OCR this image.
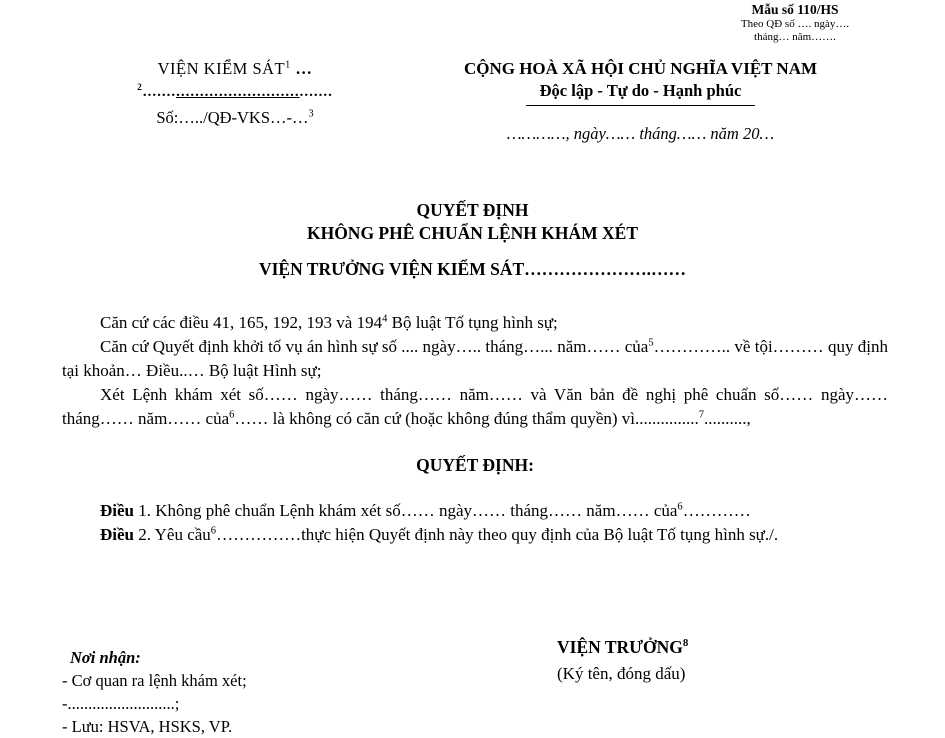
Mẫu số 110/HS
Theo QĐ số …. ngày….
tháng… năm…….
VIỆN KIỂM SÁT$^1$ …
$^2$........................................
Số:…../QĐ-VKS…-…$^3$
CỘNG HOÀ XÃ HỘI CHỦ NGHĨA VIỆT NAM
Độc lập - Tự do - Hạnh phúc
…………, ngày…… tháng…… năm 20…
QUYẾT ĐỊNH
KHÔNG PHÊ CHUẨN LỆNH KHÁM XÉT
VIỆN TRƯỞNG VIỆN KIỂM SÁT………………….……

Căn cứ các điều 41, 165, 192, 193 và $194^4$ Bộ luật Tố tụng hình sự;

Căn cứ Quyết định khởi tố vụ án hình sự số .... ngày….. tháng…... năm…… của$^5$………….. về tội……… quy định tại khoản… Điều..… Bộ luật Hình sự;

Xét Lệnh khám xét số…… ngày…… tháng…… năm…… và Văn bản đề nghị phê chuẩn số…… ngày…… tháng…… năm…… của$^6$…… là không có căn cứ (hoặc không đúng thẩm quyền) vì...............$^7$..........,

QUYẾT ĐỊNH:

Điều 1. Không phê chuẩn Lệnh khám xét số…… ngày…… tháng…… năm…… của$^6$…………

Điều 2. Yêu cầu$^6$……………thực hiện Quyết định này theo quy định của Bộ luật Tố tụng hình sự./.

Nơi nhận:
- Cơ quan ra lệnh khám xét;
-..........................;
- Lưu: HSVA, HSKS, VP.
VIỆN TRƯỞNG$^8$
(Ký tên, đóng dấu)
